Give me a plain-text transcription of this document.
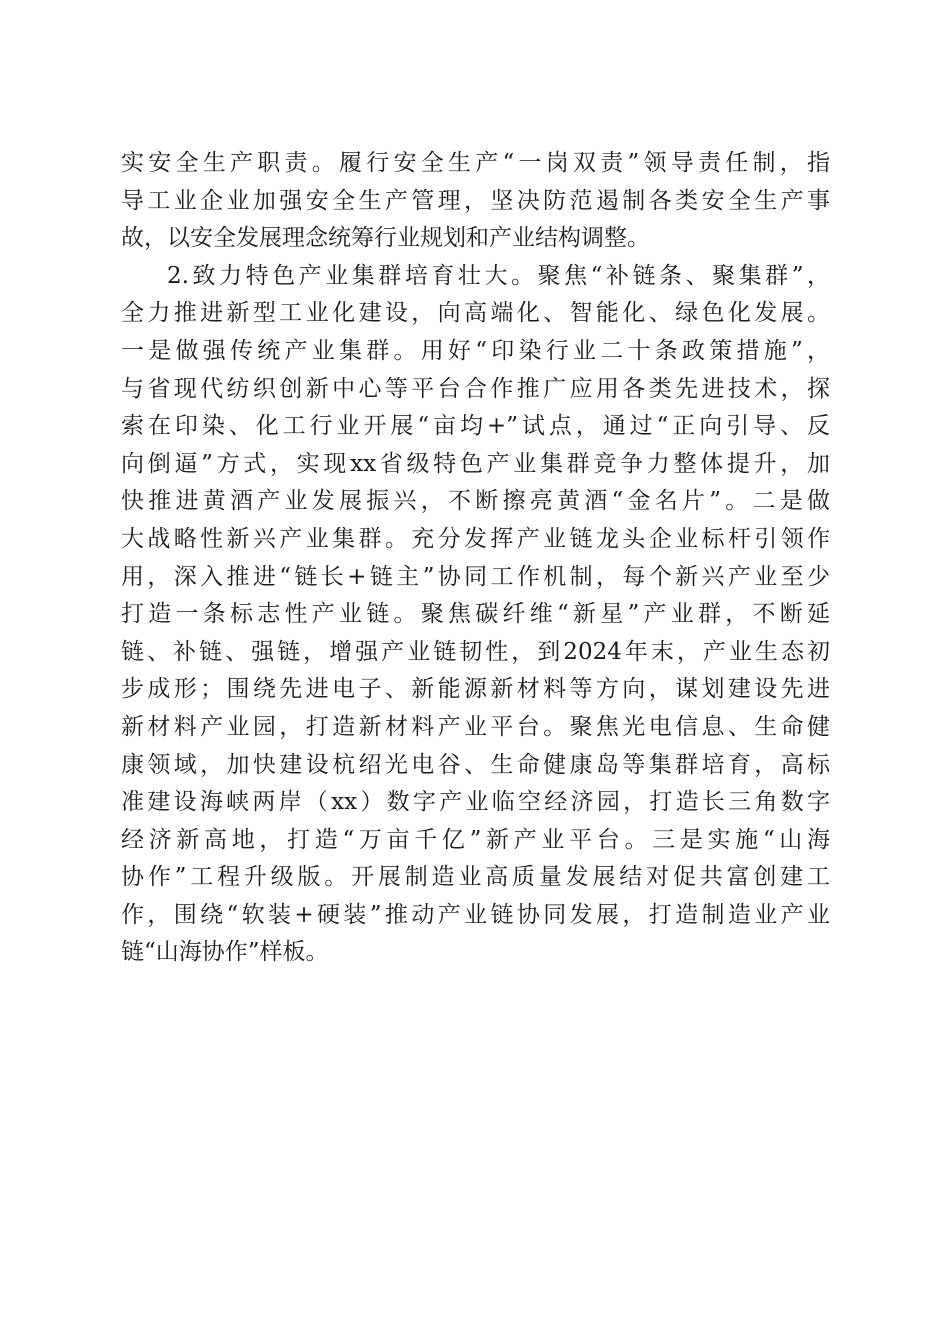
实安全生产职责。履行安全生产“一岗双责”领导责任制，指
导工业企业加强安全生产管理，坚决防范遏制各类安全生产事
故，以安全发展理念统筹行业规划和产业结构调整。
2.致力特色产业集群培育壮大。聚焦“补链条、聚集群”，
全力推进新型工业化建设，向高端化、智能化、绿色化发展。
一是做强传统产业集群。用好“印染行业二十条政策措施”，
与省现代纺织创新中心等平台合作推广应用各类先进技术，探
索在印染、化工行业开展“亩均+”试点，通过“正向引导、反
向倒逼”方式，实现xx省级特色产业集群竞争力整体提升，加
快推进黄酒产业发展振兴，不断擦亮黄酒“金名片”。二是做
大战略性新兴产业集群。充分发挥产业链龙头企业标杆引领作
用，深入推进“链长+链主”协同工作机制，每个新兴产业至少
打造一条标志性产业链。聚焦碳纤维“新星”产业群，不断延
链、补链、强链，增强产业链韧性，到2024年末，产业生态初
步成形；围绕先进电子、新能源新材料等方向，谋划建设先进
新材料产业园，打造新材料产业平台。聚焦光电信息、生命健
康领域，加快建设杭绍光电谷、生命健康岛等集群培育，高标
准建设海峡两岸（xx）数字产业临空经济园，打造长三角数字
经济新高地，打造“万亩千亿”新产业平台。三是实施“山海
协作”工程升级版。开展制造业高质量发展结对促共富创建工
作，围绕“软装+硬装”推动产业链协同发展，打造制造业产业
链“山海协作”样板。
